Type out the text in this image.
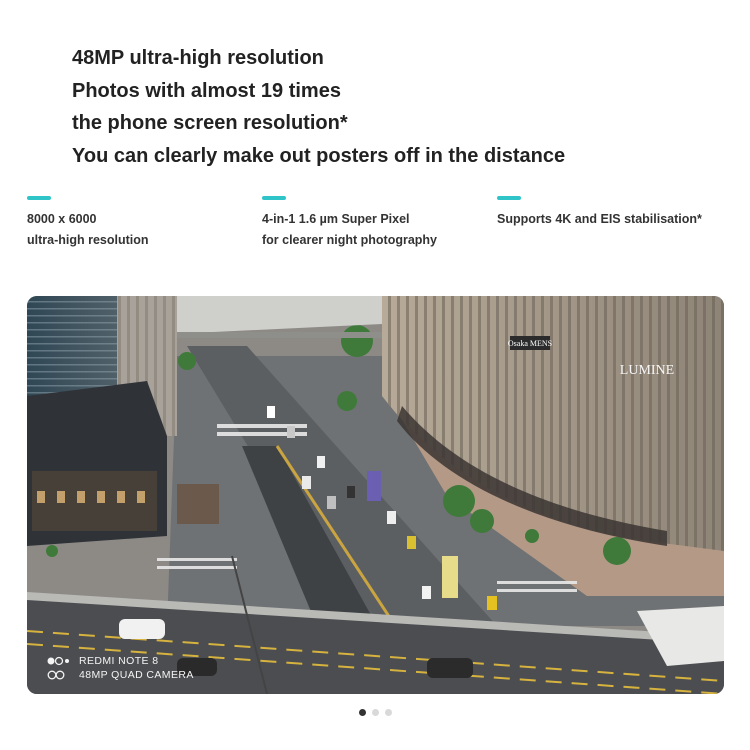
48MP ultra-high resolution
Photos with almost 19 times
the phone screen resolution*
You can clearly make out posters off in the distance
8000 x 6000
ultra-high resolution
4-in-1 1.6 µm Super Pixel
for clearer night photography
Supports 4K and EIS stabilisation*
Osaka MENS
LUMINE
REDMI NOTE 8
48MP QUAD CAMERA
